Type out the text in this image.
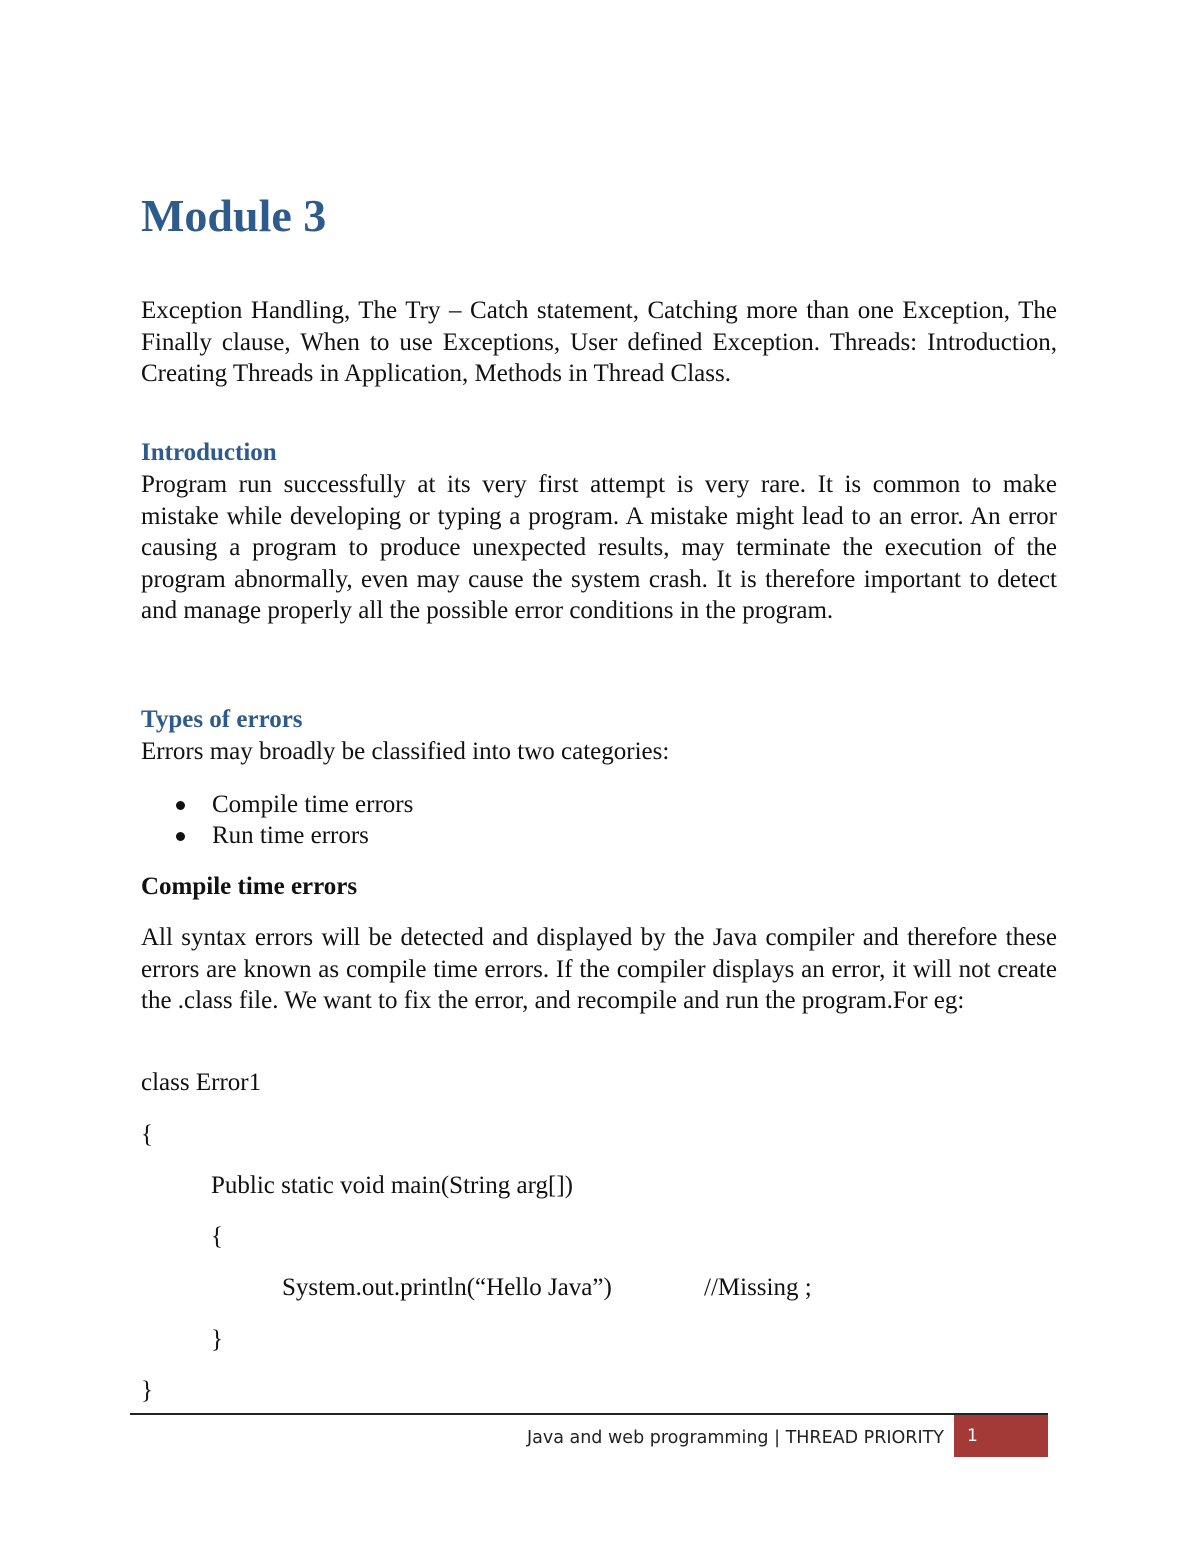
Module 3

Exception Handling, The Try – Catch statement, Catching more than one Exception, The Finally clause, When to use Exceptions, User defined Exception. Threads: Introduction, Creating Threads in Application, Methods in Thread Class.

Introduction

Program run successfully at its very first attempt is very rare. It is common to make mistake while developing or typing a program. A mistake might lead to an error. An error causing a program to produce unexpected results, may terminate the execution of the program abnormally, even may cause the system crash. It is therefore important to detect and manage properly all the possible error conditions in the program.

Types of errors

Errors may broadly be classified into two categories:

Compile time errors
Run time errors
Compile time errors

All syntax errors will be detected and displayed by the Java compiler and therefore these errors are known as compile time errors. If the compiler displays an error, it will not create the .class file. We want to fix the error, and recompile and run the program.For eg:

class Error1

{

Public static void main(String arg[])

{

System.out.println(“Hello Java”)	//Missing ;

}

}

Java and web programming | THREAD PRIORITY 1
